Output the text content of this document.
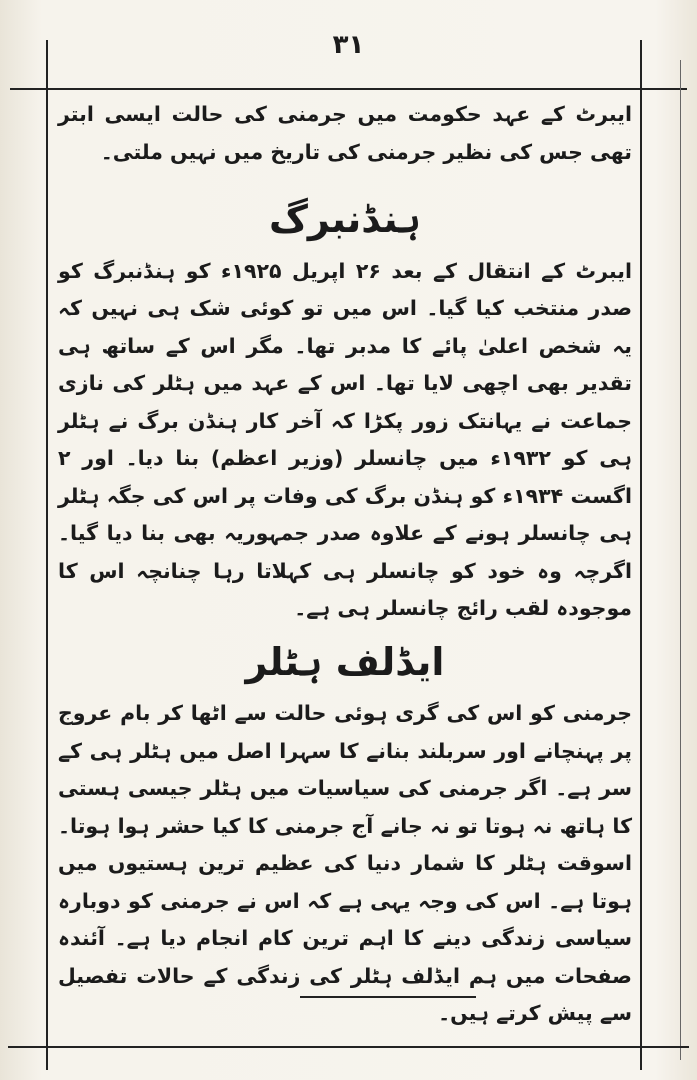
۳۱

ایبرٹ کے عہد حکومت میں جرمنی کی حالت ایسی ابتر تھی جس کی نظیر جرمنی کی تاریخ میں نہیں ملتی۔

ہنڈنبرگ

ایبرٹ کے انتقال کے بعد ۲۶ اپریل ۱۹۲۵ء کو ہنڈنبرگ کو صدر منتخب کیا گیا۔ اس میں تو کوئی شک ہی نہیں کہ یہ شخص اعلیٰ پائے کا مدبر تھا۔ مگر اس کے ساتھ ہی تقدیر بھی اچھی لایا تھا۔ اس کے عہد میں ہٹلر کی نازی جماعت نے یہانتک زور پکڑا کہ آخر کار ہنڈن برگ نے ہٹلر ہی کو ۱۹۳۲ء میں چانسلر (وزیر اعظم) بنا دیا۔ اور ۲ اگست ۱۹۳۴ء کو ہنڈن برگ کی وفات پر اس کی جگہ ہٹلر ہی چانسلر ہونے کے علاوہ صدر جمہوریہ بھی بنا دیا گیا۔ اگرچہ وہ خود کو چانسلر ہی کہلاتا رہا چنانچہ اس کا موجودہ لقب رائج چانسلر ہی ہے۔

ایڈلف ہٹلر

جرمنی کو اس کی گری ہوئی حالت سے اٹھا کر بام عروج پر پہنچانے اور سربلند بنانے کا سہرا اصل میں ہٹلر ہی کے سر ہے۔ اگر جرمنی کی سیاسیات میں ہٹلر جیسی ہستی کا ہاتھ نہ ہوتا تو نہ جانے آج جرمنی کا کیا حشر ہوا ہوتا۔ اسوقت ہٹلر کا شمار دنیا کی عظیم ترین ہستیوں میں ہوتا ہے۔ اس کی وجہ یہی ہے کہ اس نے جرمنی کو دوبارہ سیاسی زندگی دینے کا اہم ترین کام انجام دیا ہے۔ آئندہ صفحات میں ہم ایڈلف ہٹلر کی زندگی کے حالات تفصیل سے پیش کرتے ہیں۔
